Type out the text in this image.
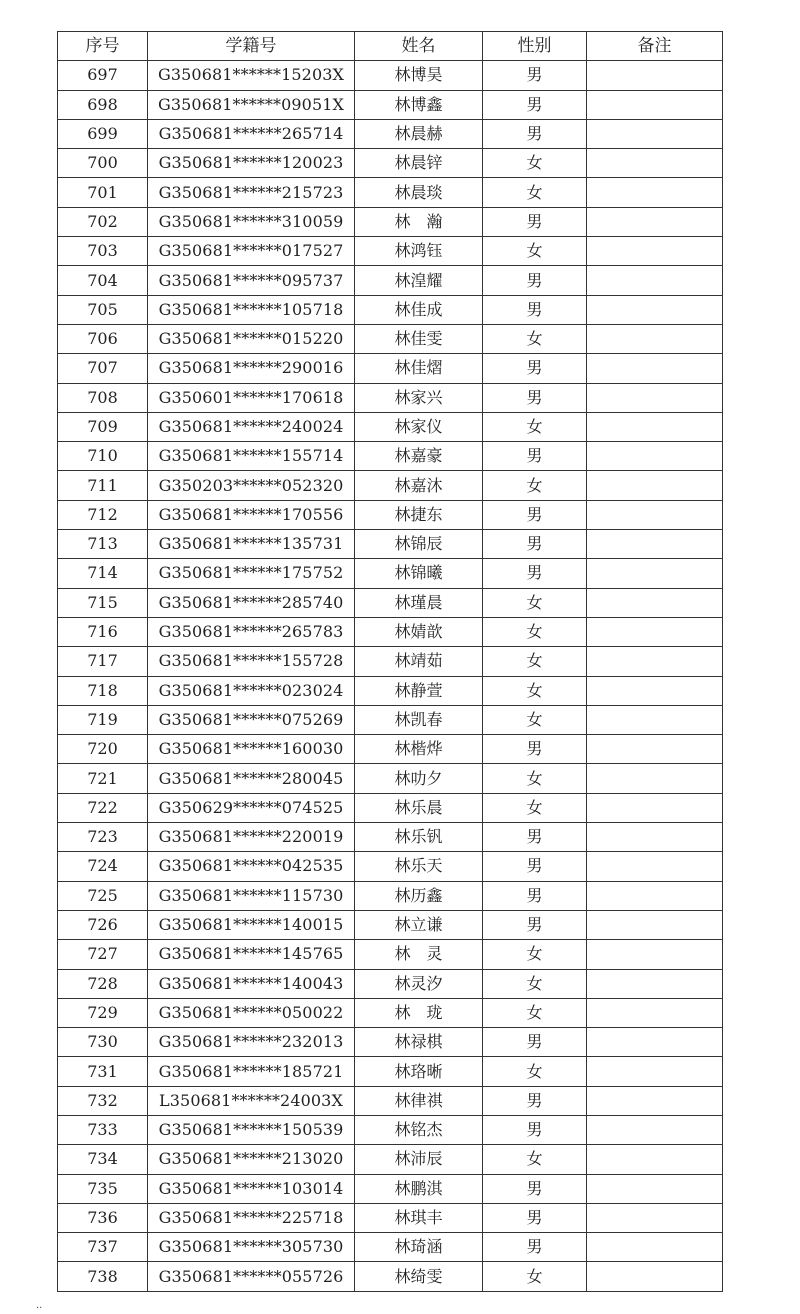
序号	学籍号	姓名	性别	备注
697	G350681******15203X	林博昊	男	
698	G350681******09051X	林博鑫	男	
699	G350681******265714	林晨赫	男	
700	G350681******120023	林晨锌	女	
701	G350681******215723	林晨琰	女	
702	G350681******310059	林　瀚	男	
703	G350681******017527	林鸿钰	女	
704	G350681******095737	林湟耀	男	
705	G350681******105718	林佳成	男	
706	G350681******015220	林佳雯	女	
707	G350681******290016	林佳熠	男	
708	G350601******170618	林家兴	男	
709	G350681******240024	林家仪	女	
710	G350681******155714	林嘉豪	男	
711	G350203******052320	林嘉沐	女	
712	G350681******170556	林捷东	男	
713	G350681******135731	林锦辰	男	
714	G350681******175752	林锦曦	男	
715	G350681******285740	林瑾晨	女	
716	G350681******265783	林婧歆	女	
717	G350681******155728	林靖茹	女	
718	G350681******023024	林静萱	女	
719	G350681******075269	林凯春	女	
720	G350681******160030	林楷烨	男	
721	G350681******280045	林叻夕	女	
722	G350629******074525	林乐晨	女	
723	G350681******220019	林乐钒	男	
724	G350681******042535	林乐天	男	
725	G350681******115730	林历鑫	男	
726	G350681******140015	林立谦	男	
727	G350681******145765	林　灵	女	
728	G350681******140043	林灵汐	女	
729	G350681******050022	林　珑	女	
730	G350681******232013	林禄棋	男	
731	G350681******185721	林珞晰	女	
732	L350681******24003X	林律祺	男	
733	G350681******150539	林铭杰	男	
734	G350681******213020	林沛辰	女	
735	G350681******103014	林鹏淇	男	
736	G350681******225718	林琪丰	男	
737	G350681******305730	林琦涵	男	
738	G350681******055726	林绮雯	女	
··
